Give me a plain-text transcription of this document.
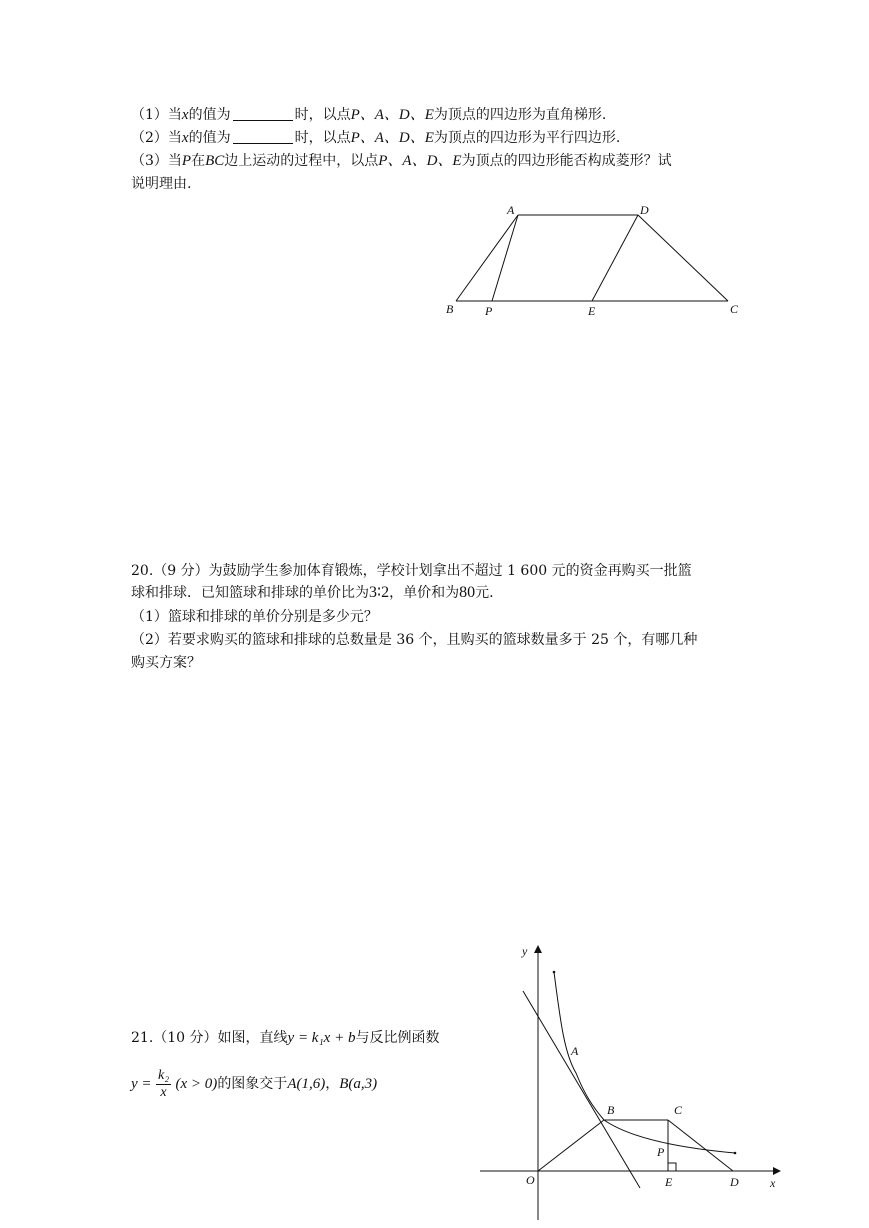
（1）当x的值为	时，以点P、A、D、E为顶点的四边形为直角梯形.
（2）当x的值为	时，以点P、A、D、E为顶点的四边形为平行四边形.
（3）当P在BC边上运动的过程中，以点P、A、D、E为顶点的四边形能否构成菱形？试
说明理由.
A	D
B	P	E	C
20.（9 分）为鼓励学生参加体育锻炼，学校计划拿出不超过 1 600 元的资金再购买一批篮
球和排球．已知篮球和排球的单价比为3∶2，单价和为80元.
（1）篮球和排球的单价分别是多少元？
（2）若要求购买的篮球和排球的总数量是 36 个，且购买的篮球数量多于 25 个，有哪几种
购买方案？
21.（10 分）如图，直线y = k₁x + b与反比例函数
$y = \frac{\text{k₂}}{x} (x > 0)$的图象交于A(1,6)，B(a,3)
y
x
O
A
B	C
P
E	D
